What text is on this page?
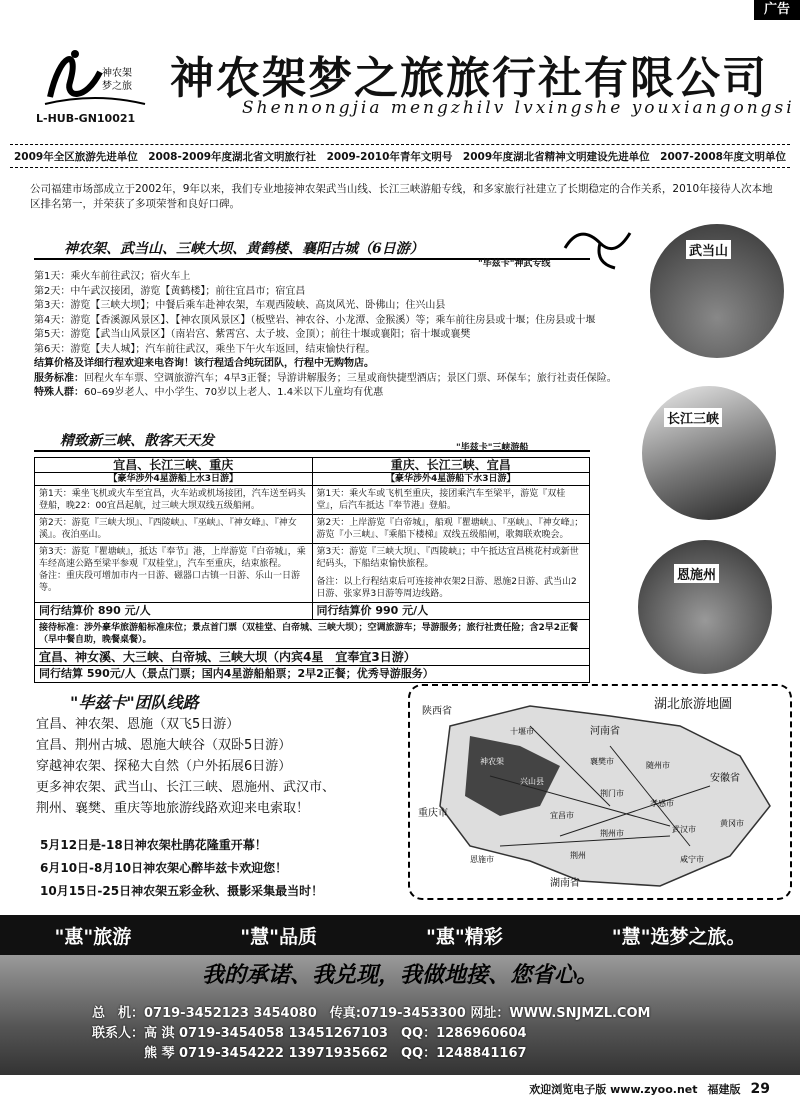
广告
神农架
梦之旅
L-HUB-GN10021
神农架梦之旅旅行社有限公司
Shennongjia mengzhilv lvxingshe youxiangongsi
2009年全区旅游先进单位 2008-2009年度湖北省文明旅行社 2009-2010年青年文明号 2009年度湖北省精神文明建设先进单位 2007-2008年度文明单位
公司福建市场部成立于2002年，9年以来，我们专业地接神农架武当山线、长江三峡游船专线，和多家旅行社建立了长期稳定的合作关系，2010年接待人次本地区排名第一，并荣获了多项荣誉和良好口碑。
神农架、武当山、三峡大坝、黄鹤楼、襄阳古城（6日游）
"毕兹卡"神武专线
第1天： 乘火车前往武汉；宿火车上
第2天： 中午武汉接团，游览【黄鹤楼】；前往宜昌市；宿宜昌
第3天： 游览【三峡大坝】；中餐后乘车赴神农架，车观西陵峡、高岚风光、卧佛山；住兴山县
第4天： 游览【香溪源风景区】、【神农顶风景区】（板壁岩、神农谷、小龙潭、金猴溪）等；乘车前往房县或十堰；住房县或十堰
第5天： 游览【武当山风景区】（南岩宫、紫霄宫、太子坡、金顶）；前往十堰或襄阳；宿十堰或襄樊
第6天： 游览【夫人城】；汽车前往武汉，乘坐下午火车返回，结束愉快行程。
结算价格及详细行程欢迎来电咨询！该行程适合纯玩团队，行程中无购物店。
服务标准： 回程火车车票、空调旅游汽车；4早3正餐；导游讲解服务；三星或商快捷型酒店；景区门票、环保车；旅行社责任保险。
特殊人群： 60–69岁老人、中小学生、70岁以上老人、1.4米以下儿童均有优惠
武当山
长江三峡
恩施州
精致新三峡、散客天天发	"毕兹卡"三峡游船
宜昌、长江三峡、重庆	重庆、长江三峡、宜昌
【豪华涉外4星游船上水3日游】	【豪华涉外4星游船下水3日游】
第1天：乘坐飞机或火车至宜昌，火车站或机场接团，汽车送至码头登船，晚22：00宜昌起航，过三峡大坝双线五级船闸。
第1天：乘火车或飞机至重庆，接团乘汽车至梁平，游览『双桂堂』，后汽车抵达『奉节港』登船。
第2天：游览『三峡大坝』、『西陵峡』、『巫峡』、『神女峰』、『神女溪』。夜泊巫山。
第2天：上岸游览『白帝城』，船观『瞿塘峡』、『巫峡』、『神女峰』；游览『小三峡』、『乘船下楼梯』双线五级船闸，歌舞联欢晚会。
第3天：游览『瞿塘峡』，抵达『奉节』港，上岸游览『白帝城』，乘车经高速公路至梁平参观『双桂堂』，汽车至重庆，结束旅程。
备注：重庆段可增加市内一日游、磁器口古镇一日游、乐山一日游等。
第3天：游览『三峡大坝』、『西陵峡』；中午抵达宜昌桃花村或新世纪码头，下船结束愉快旅程。
备注：以上行程结束后可连接神农架2日游、恩施2日游、武当山2日游、张家界3日游等周边线路。
同行结算价 890 元/人	同行结算价 990 元/人
接待标准：涉外豪华旅游船标准床位；景点首门票（双桂堂、白帝城、三峡大坝）；空调旅游车；导游服务；旅行社责任险；含2早2正餐（早中餐自助，晚餐桌餐）。
宜昌、神女溪、大三峡、白帝城、三峡大坝（内宾4星　宜奉宜3日游）
同行结算 590元/人（景点门票；国内4星游船船票；2早2正餐；优秀导游服务）
"毕兹卡"团队线路
宜昌、神农架、恩施（双飞5日游）
宜昌、荆州古城、恩施大峡谷（双卧5日游）
穿越神农架、探秘大自然（户外拓展6日游）
更多神农架、武当山、长江三峡、恩施州、武汉市、
荆州、襄樊、重庆等地旅游线路欢迎来电索取！
5月12日是-18日神农架杜鹃花隆重开幕！
6月10日-8月10日神农架心醉毕兹卡欢迎您！
10月15日-25日神农架五彩金秋、摄影采集最当时！
湖北旅游地圖
陕西省
河南省
安徽省
重庆市
湖南省
十堰市
襄樊市
兴山县
宜昌市
荆门市
荆州市
孝感市
武汉市
黄冈市
咸宁市
随州市
恩施市
神农架
荆州
"惠"旅游	"慧"品质	"惠"精彩	"慧"选梦之旅。
我的承诺、我兑现，我做地接、您省心。
总　机：0719-3452123 3454080　传真:0719-3453300 网址：WWW.SNJMZL.COM
联系人：高 淇 0719-3454058 13451267103　QQ：1286960604
　　　　熊 琴 0719-3454222 13971935662　QQ：1248841167
欢迎浏览电子版 www.zyoo.net 福建版 29
